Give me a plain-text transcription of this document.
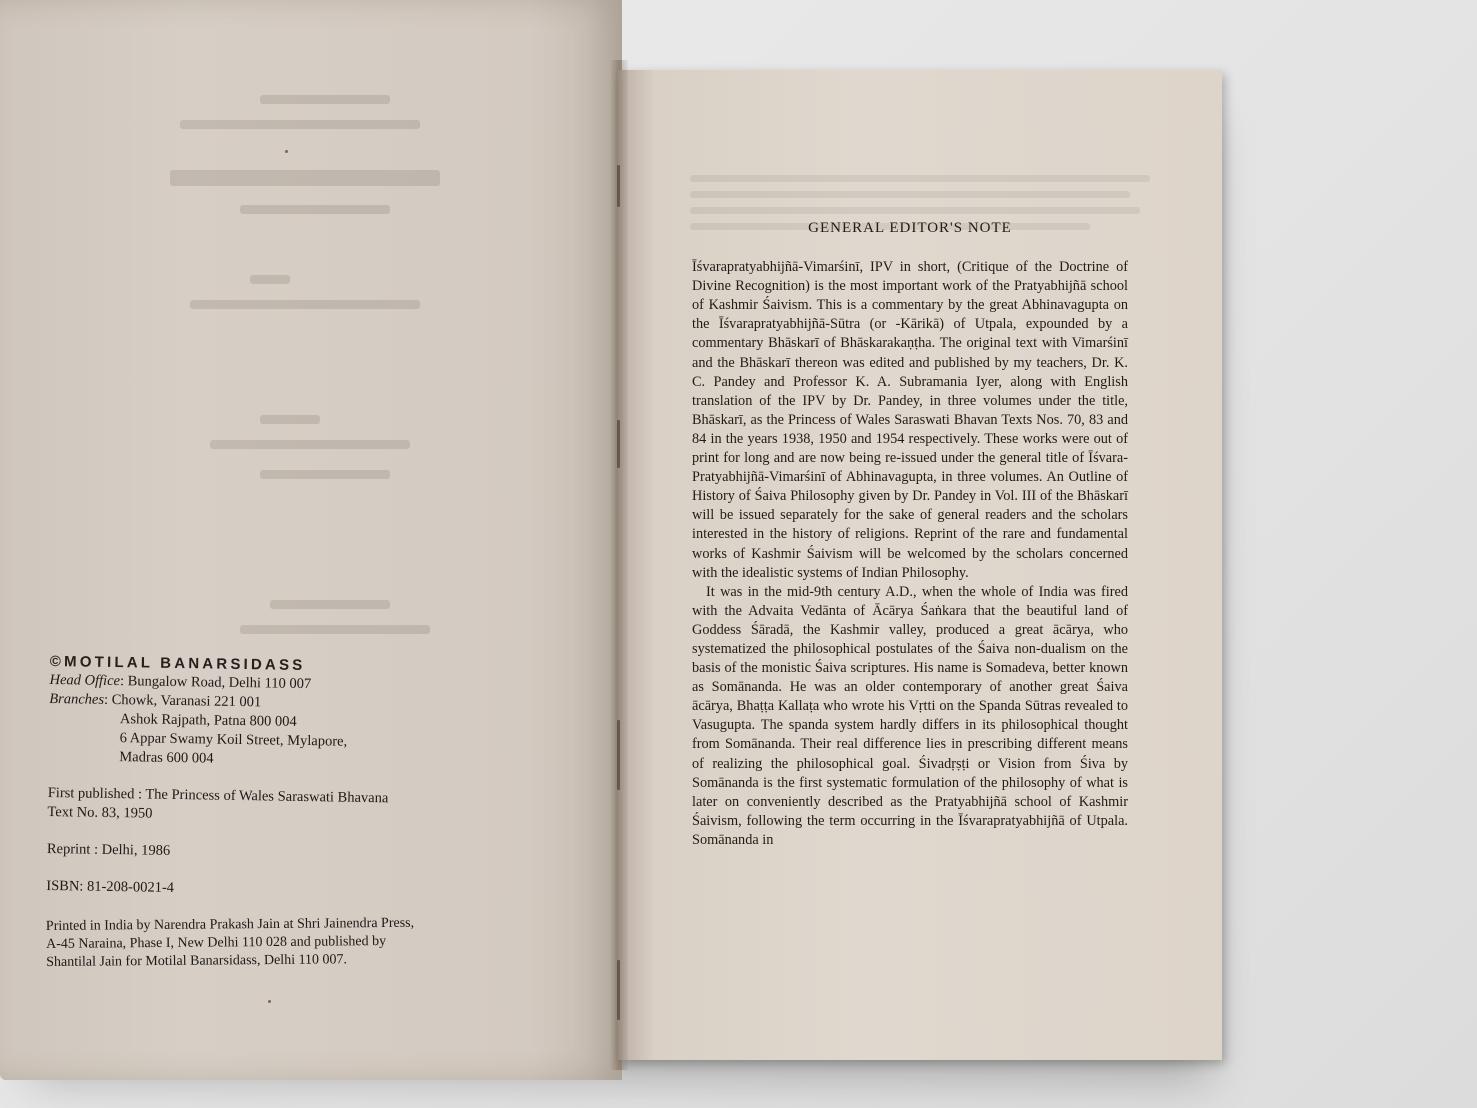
©MOTILAL BANARSIDASS
Head Office : Bungalow Road, Delhi 110 007
Branches : Chowk, Varanasi 221 001
Ashok Rajpath, Patna 800 004
6 Appar Swamy Koil Street, Mylapore,
Madras 600 004
First published : The Princess of Wales Saraswati Bhavana
Text No. 83, 1950
Reprint : Delhi, 1986
ISBN: 81-208-0021-4
Printed in India by Narendra Prakash Jain at Shri Jainendra Press,
A-45 Naraina, Phase I, New Delhi 110 028 and published by
Shantilal Jain for Motilal Banarsidass, Delhi 110 007.
GENERAL EDITOR'S NOTE

Īśvarapratyabhijñā-Vimarśinī, IPV in short, (Critique of the Doctrine of Divine Recognition) is the most important work of the Pratyabhijñā school of Kashmir Śaivism. This is a commentary by the great Abhinavagupta on the Īśvarapratyabhijñā-Sūtra (or -Kārikā) of Utpala, expounded by a commentary Bhāskarī of Bhāskarakaṇṭha. The original text with Vimarśinī and the Bhāskarī thereon was edited and published by my teachers, Dr. K. C. Pandey and Professor K. A. Subramania Iyer, along with English translation of the IPV by Dr. Pandey, in three volumes under the title, Bhāskarī, as the Princess of Wales Saraswati Bhavan Texts Nos. 70, 83 and 84 in the years 1938, 1950 and 1954 respectively. These works were out of print for long and are now being re-issued under the general title of Īśvara-Pratyabhijñā-Vimarśinī of Abhinavagupta, in three volumes. An Outline of History of Śaiva Philosophy given by Dr. Pandey in Vol. III of the Bhāskarī will be issued separately for the sake of general readers and the scholars interested in the history of religions. Reprint of the rare and fundamental works of Kashmir Śaivism will be welcomed by the scholars concerned with the idealistic systems of Indian Philosophy.

It was in the mid-9th century A.D., when the whole of India was fired with the Advaita Vedānta of Ācārya Śaṅkara that the beautiful land of Goddess Śāradā, the Kashmir valley, produced a great ācārya, who systematized the philosophical postulates of the Śaiva non-dualism on the basis of the monistic Śaiva scriptures. His name is Somadeva, better known as Somānanda. He was an older contemporary of another great Śaiva ācārya, Bhaṭṭa Kallaṭa who wrote his Vṛtti on the Spanda Sūtras revealed to Vasugupta. The spanda system hardly differs in its philosophical thought from Somānanda. Their real difference lies in prescribing different means of realizing the philosophical goal. Śivadṛṣṭi or Vision from Śiva by Somānanda is the first systematic formulation of the philosophy of what is later on conveniently described as the Pratyabhijñā school of Kashmir Śaivism, following the term occurring in the Īśvarapratyabhijñā of Utpala. Somānanda in
